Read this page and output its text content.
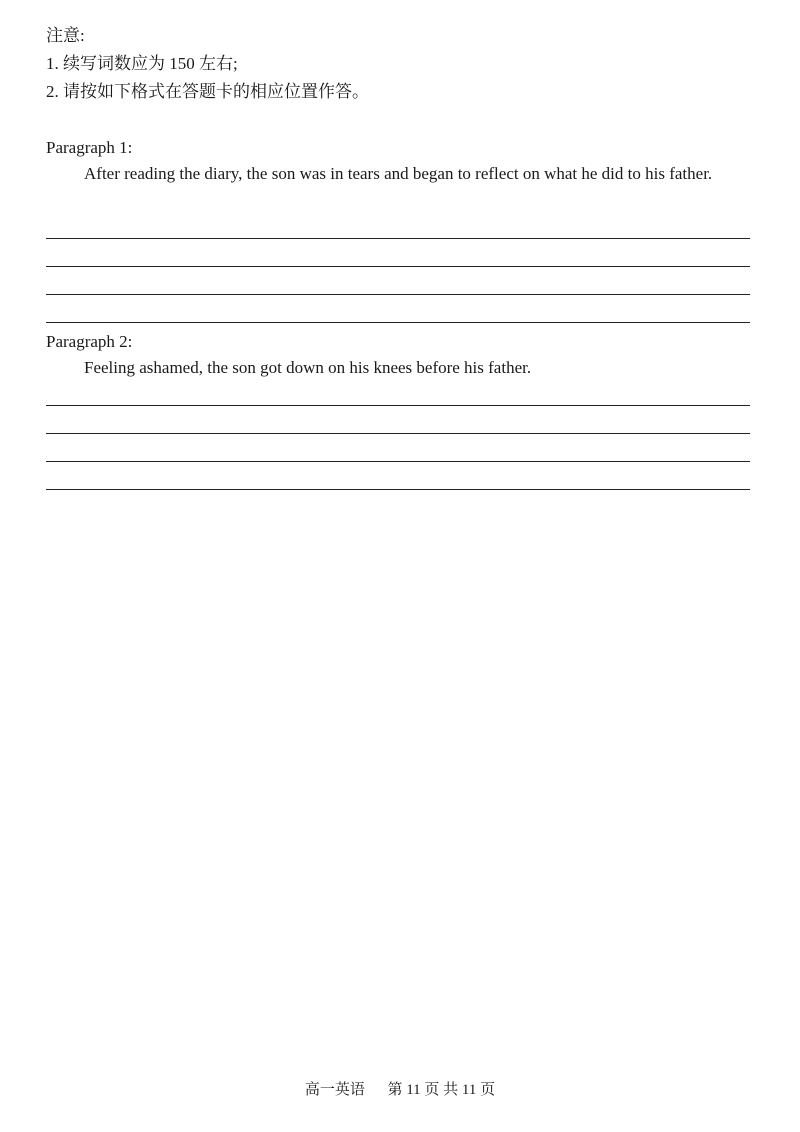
注意:
1. 续写词数应为 150 左右;
2. 请按如下格式在答题卡的相应位置作答。
Paragraph 1:
After reading the diary, the son was in tears and began to reflect on what he did to his father.
Paragraph 2:
Feeling ashamed, the son got down on his knees before his father.
高一英语 第 11 页 共 11 页
